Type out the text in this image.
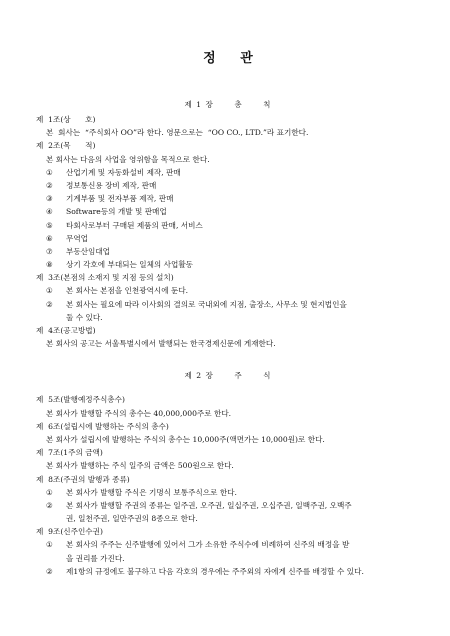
정 관
제 1 장      총      칙
제  1조(상      호)
본  회사는  “주식회사 OO”라 한다. 영문으로는  “OO CO., LTD.”라 표기한다.
제  2조(목      적)
본 회사는 다음의 사업을 영위함을 목적으로 한다.
①	산업기계 및 자동화설비 제작, 판매
②	정보통신용 장비 제작, 판매
③	기계부품 및 전자부품 제작, 판매
④	Software등의 개발 및 판매업
⑤	타회사로부터 구매된 제품의 판매, 서비스
⑥	무역업
⑦	부동산임대업
⑧	상기 각호에 부대되는 일체의 사업활동
제  3조(본점의 소재지 및 지점 등의 설치)
①	본 회사는 본점을 인천광역시에 둔다.
②	본 회사는 필요에 따라 이사회의 결의로 국내외에 지점, 출장소, 사무소 및 현지법인을
둘 수 있다.
제  4조(공고방법)
본 회사의 공고는 서울특별시에서 발행되는 한국경제신문에 게재한다.
제 2 장      주      식
제  5조(발행예정주식총수)
본 회사가 발행할 주식의 총수는 40,000,000주로 한다.
제  6조(설립시에 발행하는 주식의 총수)
본 회사가 설립시에 발행하는 주식의 총수는 10,000주(액면가는 10,000원)로 한다.
제  7조(1주의 금액)
본 회사가 발행하는 주식 일주의 금액은 500원으로 한다.
제  8조(주권의 발행과 종류)
①	본 회사가 발행할 주식은 기명식 보통주식으로 한다.
②	본 회사가 발행할 주권의 종류는 일주권, 오주권, 일십주권, 오십주권, 일백주권, 오백주
권, 일천주권, 일만주권의 8종으로 한다.
제  9조(신주인수권)
①	본 회사의 주주는 신주발행에 있어서 그가 소유한 주식수에 비례하여 신주의 배정을 받
을 권리를 가진다.
②	제1항의 규정에도 불구하고 다음 각호의 경우에는 주주외의 자에게 신주를 배정할 수 있다.
